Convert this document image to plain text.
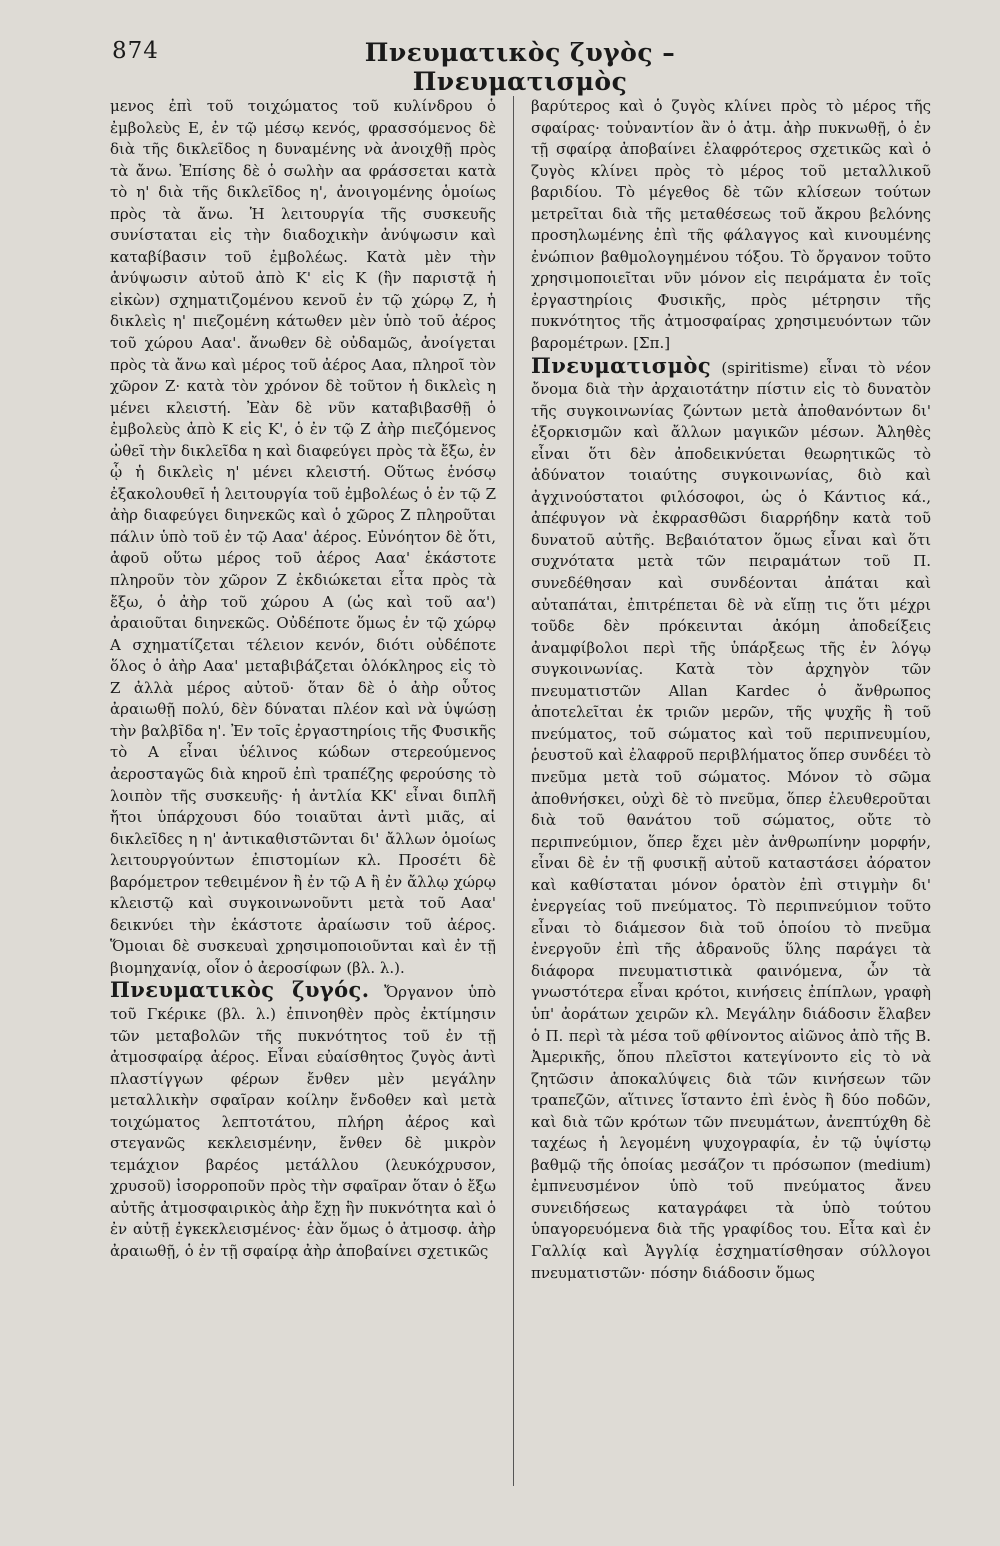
874	Πνευματικὸς ζυγὸς – Πνευματισμὸς

μενος ἐπὶ τοῦ τοιχώματος τοῦ κυλίνδρου ὁ ἐμβολεὺς Ε, ἐν τῷ μέσῳ κενός, φρασσόμενος δὲ διὰ τῆς δικλεῖδος η δυναμένης νὰ ἀνοιχθῇ πρὸς τὰ ἄνω. Ἐπίσης δὲ ὁ σωλὴν αα φράσσεται κατὰ τὸ η' διὰ τῆς δικλεῖδος η', ἀνοιγομένης ὁμοίως πρὸς τὰ ἄνω. Ἡ λειτουργία τῆς συσκευῆς συνίσταται εἰς τὴν διαδοχικὴν ἀνύψωσιν καὶ καταβίβασιν τοῦ ἐμβολέως. Κατὰ μὲν τὴν ἀνύψωσιν αὐτοῦ ἀπὸ Κ' εἰς Κ (ἣν παριστᾷ ἡ εἰκὼν) σχηματιζομένου κενοῦ ἐν τῷ χώρῳ Ζ, ἡ δικλεὶς η' πιεζομένη κάτωθεν μὲν ὑπὸ τοῦ ἀέρος τοῦ χώρου Ααα'. ἄνωθεν δὲ οὐδαμῶς, ἀνοίγεται πρὸς τὰ ἄνω καὶ μέρος τοῦ ἀέρος Ααα, πληροῖ τὸν χῶρον Ζ· κατὰ τὸν χρόνον δὲ τοῦτον ἡ δικλεὶς η μένει κλειστή. Ἐὰν δὲ νῦν καταβιβασθῇ ὁ ἐμβολεὺς ἀπὸ Κ εἰς Κ', ὁ ἐν τῷ Ζ ἀὴρ πιεζόμενος ὠθεῖ τὴν δικλεῖδα η καὶ διαφεύγει πρὸς τὰ ἔξω, ἐν ᾧ ἡ δικλεὶς η' μένει κλειστή. Οὕτως ἑνόσῳ ἐξακολουθεῖ ἡ λειτουργία τοῦ ἐμβολέως ὁ ἐν τῷ Ζ ἀὴρ διαφεύγει διηνεκῶς καὶ ὁ χῶρος Ζ πληροῦται πάλιν ὑπὸ τοῦ ἐν τῷ Ααα' ἀέρος. Εὐνόητον δὲ ὅτι, ἀφοῦ οὕτω μέρος τοῦ ἀέρος Ααα' ἑκάστοτε πληροῦν τὸν χῶρον Ζ ἐκδιώκεται εἶτα πρὸς τὰ ἔξω, ὁ ἀὴρ τοῦ χώρου Α (ὡς καὶ τοῦ αα') ἀραιοῦται διηνεκῶς. Οὐδέποτε ὅμως ἐν τῷ χώρῳ Α σχηματίζεται τέλειον κενόν, διότι οὐδέποτε ὅλος ὁ ἀὴρ Ααα' μεταβιβάζεται ὁλόκληρος εἰς τὸ Ζ ἀλλὰ μέρος αὐτοῦ· ὅταν δὲ ὁ ἀὴρ οὗτος ἀραιωθῇ πολύ, δὲν δύναται πλέον καὶ νὰ ὑψώσῃ τὴν βαλβῖδα η'. Ἐν τοῖς ἐργαστηρίοις τῆς Φυσικῆς τὸ Α εἶναι ὑέλινος κώδων στερεούμενος ἀεροσταγῶς διὰ κηροῦ ἐπὶ τραπέζης φερούσης τὸ λοιπὸν τῆς συσκευῆς· ἡ ἀντλία ΚΚ' εἶναι διπλῆ ἤτοι ὑπάρχουσι δύο τοιαῦται ἀντὶ μιᾶς, αἱ δικλεῖδες η η' ἀντικαθιστῶνται δι' ἄλλων ὁμοίως λειτουργούντων ἐπιστομίων κλ. Προσέτι δὲ βαρόμετρον τεθειμένον ἢ ἐν τῷ Α ἢ ἐν ἄλλῳ χώρῳ κλειστῷ καὶ συγκοινωνοῦντι μετὰ τοῦ Ααα' δεικνύει τὴν ἑκάστοτε ἀραίωσιν τοῦ ἀέρος. Ὅμοιαι δὲ συσκευαὶ χρησιμοποιοῦνται καὶ ἐν τῇ βιομηχανίᾳ, οἷον ὁ ἀεροσίφων (βλ. λ.).

Πνευματικὸς ζυγός. Ὄργανον ὑπὸ τοῦ Γκέρικε (βλ. λ.) ἐπινοηθὲν πρὸς ἐκτίμησιν τῶν μεταβολῶν τῆς πυκνότητος τοῦ ἐν τῇ ἀτμοσφαίρᾳ ἀέρος. Εἶναι εὐαίσθητος ζυγὸς ἀντὶ πλαστίγγων φέρων ἔνθεν μὲν μεγάλην μεταλλικὴν σφαῖραν κοίλην ἔνδοθεν καὶ μετὰ τοιχώματος λεπτοτάτου, πλήρη ἀέρος καὶ στεγανῶς κεκλεισμένην, ἔνθεν δὲ μικρὸν τεμάχιον βαρέος μετάλλου (λευκόχρυσον, χρυσοῦ) ἰσορροποῦν πρὸς τὴν σφαῖραν ὅταν ὁ ἔξω αὐτῆς ἀτμοσφαιρικὸς ἀὴρ ἔχῃ ἣν πυκνότητα καὶ ὁ ἐν αὐτῇ ἐγκεκλεισμένος· ἐὰν ὅμως ὁ ἀτμοσφ. ἀὴρ ἀραιωθῇ, ὁ ἐν τῇ σφαίρᾳ ἀὴρ ἀποβαίνει σχετικῶς

βαρύτερος καὶ ὁ ζυγὸς κλίνει πρὸς τὸ μέρος τῆς σφαίρας· τοὐναντίον ἂν ὁ ἀτμ. ἀὴρ πυκνωθῇ, ὁ ἐν τῇ σφαίρᾳ ἀποβαίνει ἐλαφρότερος σχετικῶς καὶ ὁ ζυγὸς κλίνει πρὸς τὸ μέρος τοῦ μεταλλικοῦ βαριδίου. Τὸ μέγεθος δὲ τῶν κλίσεων τούτων μετρεῖται διὰ τῆς μεταθέσεως τοῦ ἄκρου βελόνης προσηλωμένης ἐπὶ τῆς φάλαγγος καὶ κινουμένης ἐνώπιον βαθμολογημένου τόξου. Τὸ ὄργανον τοῦτο χρησιμοποιεῖται νῦν μόνον εἰς πειράματα ἐν τοῖς ἐργαστηρίοις Φυσικῆς, πρὸς μέτρησιν τῆς πυκνότητος τῆς ἀτμοσφαίρας χρησιμευόντων τῶν βαρομέτρων. [Σπ.]

Πνευματισμὸς (spiritisme) εἶναι τὸ νέον ὄνομα διὰ τὴν ἀρχαιοτάτην πίστιν εἰς τὸ δυνατὸν τῆς συγκοινωνίας ζώντων μετὰ ἀποθανόντων δι' ἐξορκισμῶν καὶ ἄλλων μαγικῶν μέσων. Ἀληθὲς εἶναι ὅτι δὲν ἀποδεικνύεται θεωρητικῶς τὸ ἀδύνατον τοιαύτης συγκοινωνίας, διὸ καὶ ἀγχινούστατοι φιλόσοφοι, ὡς ὁ Κάντιος κά., ἀπέφυγον νὰ ἐκφρασθῶσι διαρρήδην κατὰ τοῦ δυνατοῦ αὐτῆς. Βεβαιότατον ὅμως εἶναι καὶ ὅτι συχνότατα μετὰ τῶν πειραμάτων τοῦ Π. συνεδέθησαν καὶ συνδέονται ἀπάται καὶ αὐταπάται, ἐπιτρέπεται δὲ νὰ εἴπῃ τις ὅτι μέχρι τοῦδε δὲν πρόκεινται ἀκόμη ἀποδείξεις ἀναμφίβολοι περὶ τῆς ὑπάρξεως τῆς ἐν λόγῳ συγκοινωνίας. Κατὰ τὸν ἀρχηγὸν τῶν πνευματιστῶν Allan Kardec ὁ ἄνθρωπος ἀποτελεῖται ἐκ τριῶν μερῶν, τῆς ψυχῆς ἢ τοῦ πνεύματος, τοῦ σώματος καὶ τοῦ περιπνευμίου, ῥευστοῦ καὶ ἐλαφροῦ περιβλήματος ὅπερ συνδέει τὸ πνεῦμα μετὰ τοῦ σώματος. Μόνον τὸ σῶμα ἀποθνήσκει, οὐχὶ δὲ τὸ πνεῦμα, ὅπερ ἐλευθεροῦται διὰ τοῦ θανάτου τοῦ σώματος, οὔτε τὸ περιπνεύμιον, ὅπερ ἔχει μὲν ἀνθρωπίνην μορφήν, εἶναι δὲ ἐν τῇ φυσικῇ αὐτοῦ καταστάσει ἀόρατον καὶ καθίσταται μόνον ὁρατὸν ἐπὶ στιγμὴν δι' ἐνεργείας τοῦ πνεύματος. Τὸ περιπνεύμιον τοῦτο εἶναι τὸ διάμεσον διὰ τοῦ ὁποίου τὸ πνεῦμα ἐνεργοῦν ἐπὶ τῆς ἀδρανοῦς ὕλης παράγει τὰ διάφορα πνευματιστικὰ φαινόμενα, ὧν τὰ γνωστότερα εἶναι κρότοι, κινήσεις ἐπίπλων, γραφὴ ὑπ' ἀοράτων χειρῶν κλ. Μεγάλην διάδοσιν ἔλαβεν ὁ Π. περὶ τὰ μέσα τοῦ φθίνοντος αἰῶνος ἀπὸ τῆς Β. Ἀμερικῆς, ὅπου πλεῖστοι κατεγίνοντο εἰς τὸ νὰ ζητῶσιν ἀποκαλύψεις διὰ τῶν κινήσεων τῶν τραπεζῶν, αἵτινες ἵσταντο ἐπὶ ἑνὸς ἢ δύο ποδῶν, καὶ διὰ τῶν κρότων τῶν πνευμάτων, ἀνεπτύχθη δὲ ταχέως ἡ λεγομένη ψυχογραφία, ἐν τῷ ὑψίστῳ βαθμῷ τῆς ὁποίας μεσάζον τι πρόσωπον (medium) ἐμπνευσμένον ὑπὸ τοῦ πνεύματος ἄνευ συνειδήσεως καταγράφει τὰ ὑπὸ τούτου ὑπαγορευόμενα διὰ τῆς γραφίδος του. Εἶτα καὶ ἐν Γαλλίᾳ καὶ Ἀγγλίᾳ ἐσχηματίσθησαν σύλλογοι πνευματιστῶν· πόσην διάδοσιν ὅμως
